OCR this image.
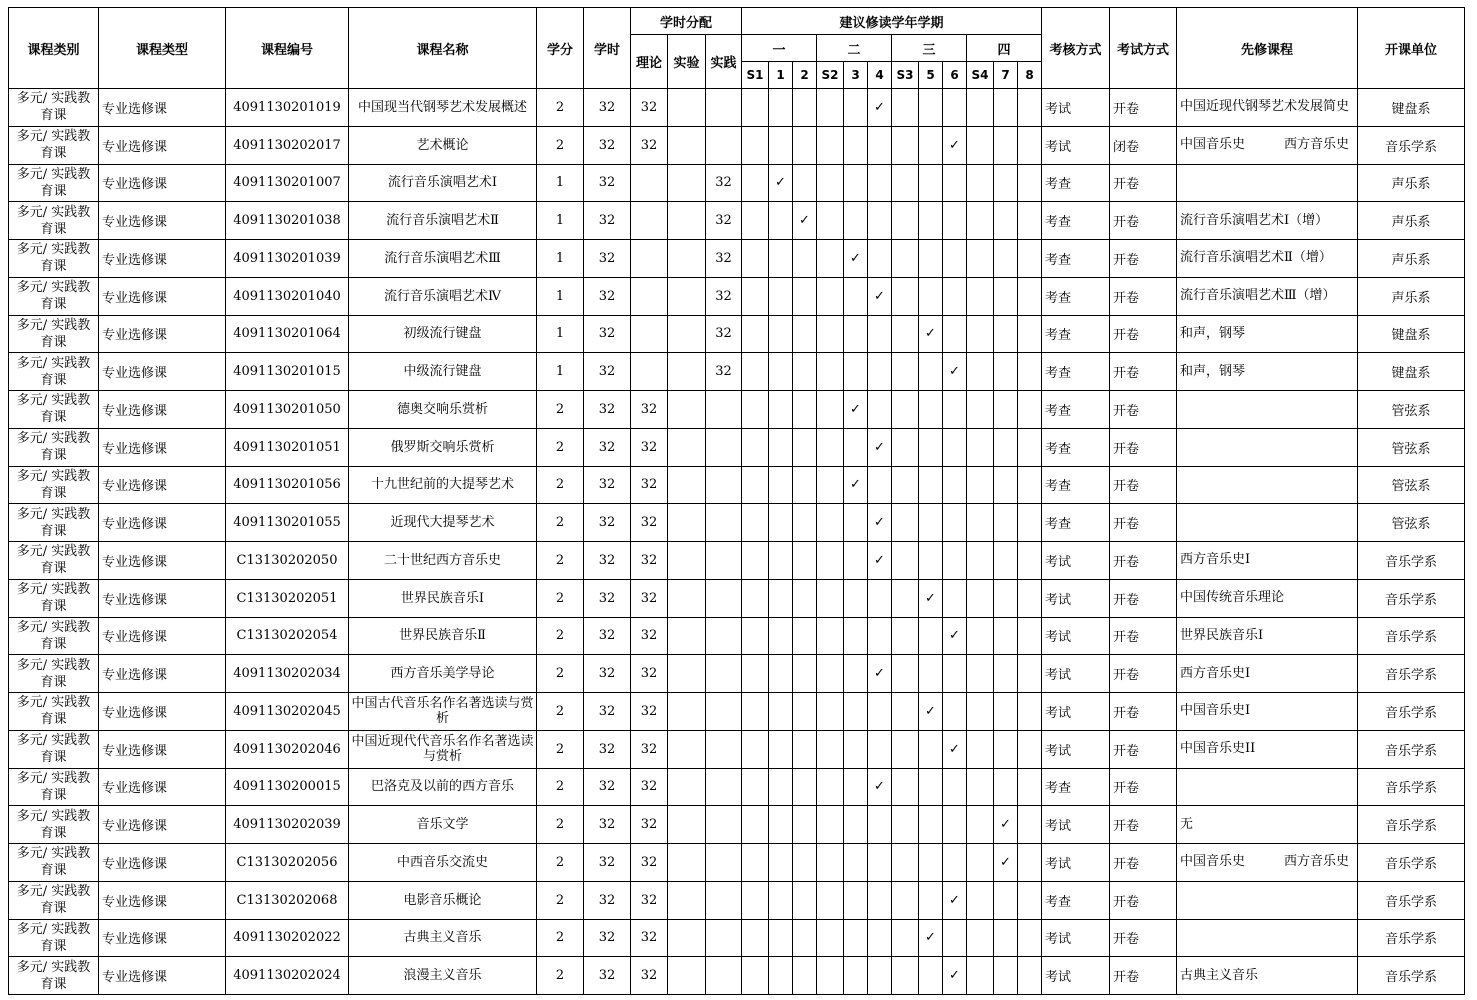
课程类别	课程类型	课程编号	课程名称	学分	学时	学时分配			建议修读学年学期												考核方式	考试方式	先修课程	开课单位
						理论	实验	实践	一			二			三			四						
									S1	1	2	S2	3	4	S3	5	6	S4	7	8				
多元/ 实践教育课	专业选修课	4091130201019	中国现当代钢琴艺术发展概述	2	32	32								✓							考试	开卷	中国近现代钢琴艺术发展简史	键盘系
多元/ 实践教育课	专业选修课	4091130202017	艺术概论	2	32	32											✓				考试	闭卷	中国音乐史　　　西方音乐史	音乐学系
多元/ 实践教育课	专业选修课	4091130201007	流行音乐演唱艺术Ⅰ	1	32			32		✓											考查	开卷		声乐系
多元/ 实践教育课	专业选修课	4091130201038	流行音乐演唱艺术Ⅱ	1	32			32			✓										考查	开卷	流行音乐演唱艺术Ⅰ（增）	声乐系
多元/ 实践教育课	专业选修课	4091130201039	流行音乐演唱艺术Ⅲ	1	32			32					✓								考查	开卷	流行音乐演唱艺术Ⅱ（增）	声乐系
多元/ 实践教育课	专业选修课	4091130201040	流行音乐演唱艺术Ⅳ	1	32			32						✓							考查	开卷	流行音乐演唱艺术Ⅲ（增）	声乐系
多元/ 实践教育课	专业选修课	4091130201064	初级流行键盘	1	32			32								✓					考查	开卷	和声，钢琴	键盘系
多元/ 实践教育课	专业选修课	4091130201015	中级流行键盘	1	32			32									✓				考查	开卷	和声，钢琴	键盘系
多元/ 实践教育课	专业选修课	4091130201050	德奥交响乐赏析	2	32	32							✓								考查	开卷		管弦系
多元/ 实践教育课	专业选修课	4091130201051	俄罗斯交响乐赏析	2	32	32								✓							考查	开卷		管弦系
多元/ 实践教育课	专业选修课	4091130201056	十九世纪前的大提琴艺术	2	32	32							✓								考查	开卷		管弦系
多元/ 实践教育课	专业选修课	4091130201055	近现代大提琴艺术	2	32	32								✓							考查	开卷		管弦系
多元/ 实践教育课	专业选修课	C13130202050	二十世纪西方音乐史	2	32	32								✓							考试	开卷	西方音乐史Ⅰ	音乐学系
多元/ 实践教育课	专业选修课	C13130202051	世界民族音乐Ⅰ	2	32	32										✓					考试	开卷	中国传统音乐理论	音乐学系
多元/ 实践教育课	专业选修课	C13130202054	世界民族音乐Ⅱ	2	32	32											✓				考试	开卷	世界民族音乐Ⅰ	音乐学系
多元/ 实践教育课	专业选修课	4091130202034	西方音乐美学导论	2	32	32								✓							考试	开卷	西方音乐史Ⅰ	音乐学系
多元/ 实践教育课	专业选修课	4091130202045	中国古代音乐名作名著选读与赏析	2	32	32										✓					考试	开卷	中国音乐史I	音乐学系
多元/ 实践教育课	专业选修课	4091130202046	中国近现代代音乐名作名著选读与赏析	2	32	32											✓				考试	开卷	中国音乐史II	音乐学系
多元/ 实践教育课	专业选修课	4091130200015	巴洛克及以前的西方音乐	2	32	32								✓							考查	开卷		音乐学系
多元/ 实践教育课	专业选修课	4091130202039	音乐文学	2	32	32													✓		考试	开卷	无	音乐学系
多元/ 实践教育课	专业选修课	C13130202056	中西音乐交流史	2	32	32													✓		考试	开卷	中国音乐史　　　西方音乐史	音乐学系
多元/ 实践教育课	专业选修课	C13130202068	电影音乐概论	2	32	32											✓				考查	开卷		音乐学系
多元/ 实践教育课	专业选修课	4091130202022	古典主义音乐	2	32	32										✓					考试	开卷		音乐学系
多元/ 实践教育课	专业选修课	4091130202024	浪漫主义音乐	2	32	32											✓				考试	开卷	古典主义音乐	音乐学系
